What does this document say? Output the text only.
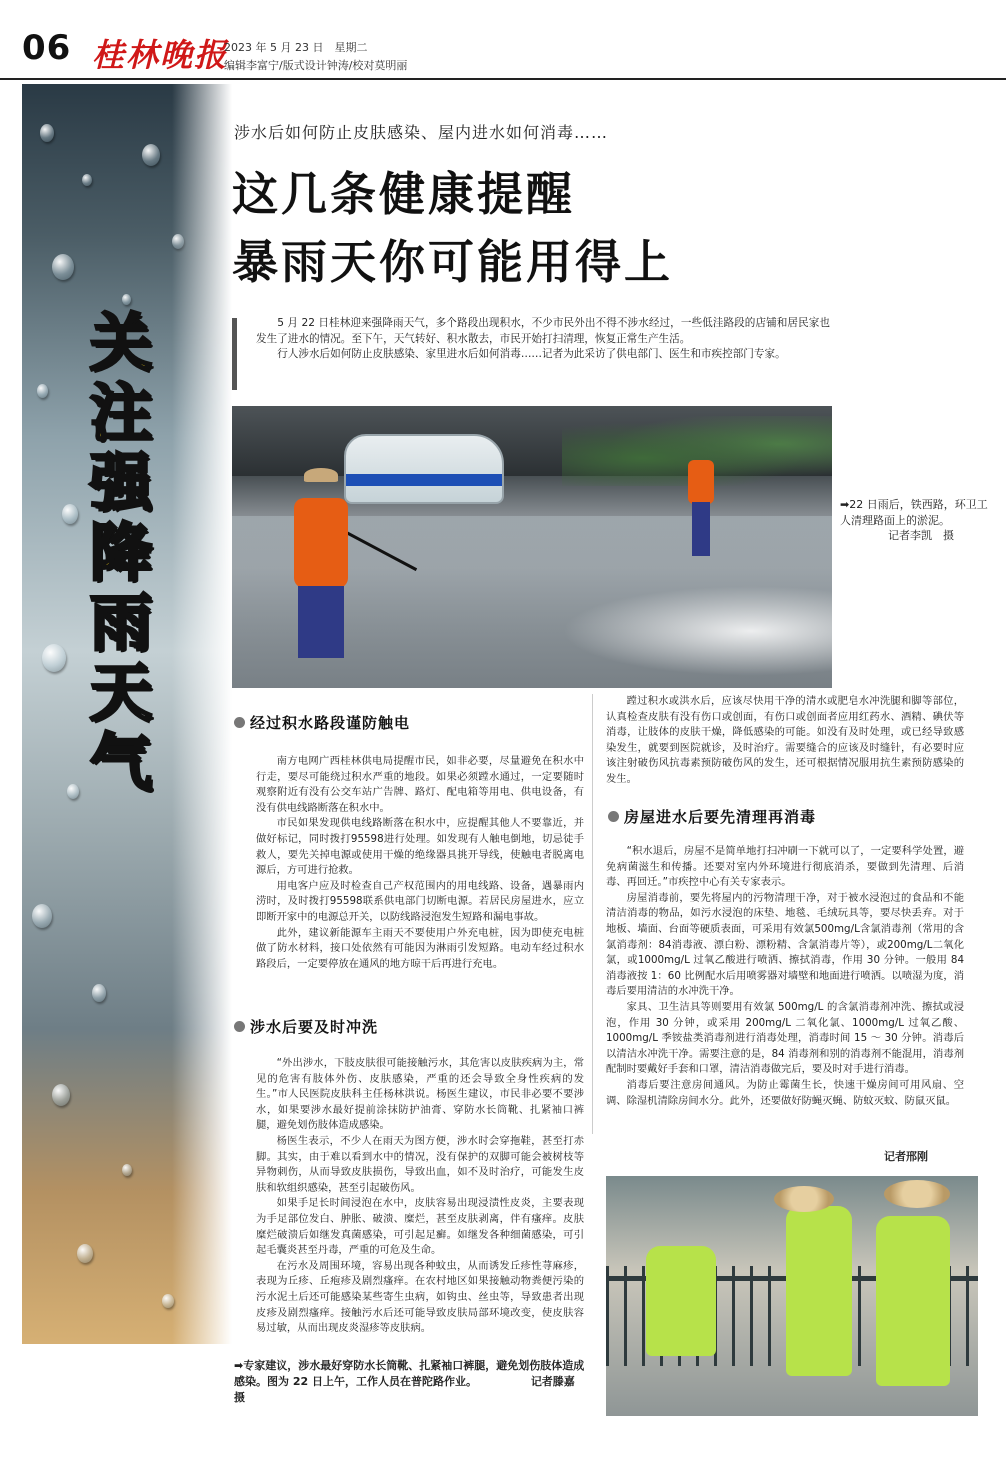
06 桂林晚报
2023 年 5 月 23 日　星期二
编辑李富宁/版式设计钟涛/校对莫明丽
关
注
强
降
雨
天
气
涉水后如何防止皮肤感染、屋内进水如何消毒……
这几条健康提醒
暴雨天你可能用得上

5 月 22 日桂林迎来强降雨天气，多个路段出现积水，不少市民外出不得不涉水经过，一些低洼路段的店铺和居民家也发生了进水的情况。至下午，天气转好、积水散去，市民开始打扫清理，恢复正常生产生活。

行人涉水后如何防止皮肤感染、家里进水后如何消毒……记者为此采访了供电部门、医生和市疾控部门专家。

➡22 日雨后，铁西路，环卫工人清理路面上的淤泥。
记者李凯　摄
经过积水路段谨防触电

南方电网广西桂林供电局提醒市民，如非必要，尽量避免在积水中行走，要尽可能绕过积水严重的地段。如果必须蹚水通过，一定要随时观察附近有没有公交车站广告牌、路灯、配电箱等用电、供电设备，有没有供电线路断落在积水中。

市民如果发现供电线路断落在积水中，应提醒其他人不要靠近，并做好标记，同时拨打95598进行处理。如发现有人触电倒地，切忌徒手救人，要先关掉电源或使用干燥的绝缘器具挑开导线，使触电者脱离电源后，方可进行抢救。

用电客户应及时检查自己产权范围内的用电线路、设备，遇暴雨内涝时，及时拨打95598联系供电部门切断电源。若居民房屋进水，应立即断开家中的电源总开关，以防线路浸泡发生短路和漏电事故。

此外，建议新能源车主雨天不要使用户外充电桩，因为即使充电桩做了防水材料，接口处依然有可能因为淋雨引发短路。电动车经过积水路段后，一定要停放在通风的地方晾干后再进行充电。

涉水后要及时冲洗

“外出涉水，下肢皮肤很可能接触污水，其危害以皮肤疾病为主，常见的危害有肢体外伤、皮肤感染，严重的还会导致全身性疾病的发生。”市人民医院皮肤科主任杨林洪说。杨医生建议，市民非必要不要涉水，如果要涉水最好提前涂抹防护油膏、穿防水长筒靴、扎紧袖口裤腿，避免划伤肢体造成感染。

杨医生表示，不少人在雨天为图方便，涉水时会穿拖鞋，甚至打赤脚。其实，由于难以看到水中的情况，没有保护的双脚可能会被树枝等异物刺伤，从而导致皮肤损伤，导致出血，如不及时治疗，可能发生皮肤和软组织感染，甚至引起破伤风。

如果手足长时间浸泡在水中，皮肤容易出现浸渍性皮炎，主要表现为手足部位发白、肿胀、破溃、糜烂，甚至皮肤剥离，伴有瘙痒。皮肤糜烂破溃后如继发真菌感染，可引起足癣。如继发各种细菌感染，可引起毛囊炎甚至丹毒，严重的可危及生命。

在污水及周围环境，容易出现各种蚊虫，从而诱发丘疹性荨麻疹，表现为丘疹、丘疱疹及剧烈瘙痒。在农村地区如果接触动物粪便污染的污水泥土后还可能感染某些寄生虫病，如钩虫、丝虫等，导致患者出现皮疹及剧烈瘙痒。接触污水后还可能导致皮肤局部环境改变，使皮肤容易过敏，从而出现皮炎湿疹等皮肤病。

蹚过积水或洪水后，应该尽快用干净的清水或肥皂水冲洗腿和脚等部位，认真检查皮肤有没有伤口或创面，有伤口或创面者应用红药水、酒精、碘伏等消毒，让肢体的皮肤干燥，降低感染的可能。如没有及时处理，或已经导致感染发生，就要到医院就诊，及时治疗。需要缝合的应该及时缝针，有必要时应该注射破伤风抗毒素预防破伤风的发生，还可根据情况服用抗生素预防感染的发生。

房屋进水后要先清理再消毒

“积水退后，房屋不是简单地打扫冲刷一下就可以了，一定要科学处置，避免病菌滋生和传播。还要对室内外环境进行彻底消杀，要做到先清理、后消毒、再回迁。”市疾控中心有关专家表示。

房屋消毒前，要先将屋内的污物清理干净，对于被水浸泡过的食品和不能清洁消毒的物品，如污水浸泡的床垫、地毯、毛绒玩具等，要尽快丢弃。对于地板、墙面、台面等硬质表面，可采用有效氯500mg/L含氯消毒剂（常用的含氯消毒剂：84消毒液、漂白粉、漂粉精、含氯消毒片等），或200mg/L二氧化氯，或1000mg/L 过氧乙酸进行喷洒、擦拭消毒，作用 30 分钟。一般用 84 消毒液按 1：60 比例配水后用喷雾器对墙壁和地面进行喷洒。以喷湿为度，消毒后要用清洁的水冲洗干净。

家具、卫生洁具等则要用有效氯 500mg/L 的含氯消毒剂冲洗、擦拭或浸泡，作用 30 分钟，或采用 200mg/L 二氧化氯、1000mg/L 过氧乙酸、1000mg/L 季铵盐类消毒剂进行消毒处理，消毒时间 15 ～ 30 分钟。消毒后以清洁水冲洗干净。需要注意的是，84 消毒剂和别的消毒剂不能混用，消毒剂配制时要戴好手套和口罩，清洁消毒做完后，要及时对手进行消毒。

消毒后要注意房间通风。为防止霉菌生长，快速干燥房间可用风扇、空调、除湿机清除房间水分。此外，还要做好防蝇灭蝇、防蚊灭蚊、防鼠灭鼠。

记者邢刚
➡专家建议，涉水最好穿防水长筒靴、扎紧袖口裤腿，避免划伤肢体造成感染。图为 22 日上午，工作人员在普陀路作业。	记者滕嘉　摄
